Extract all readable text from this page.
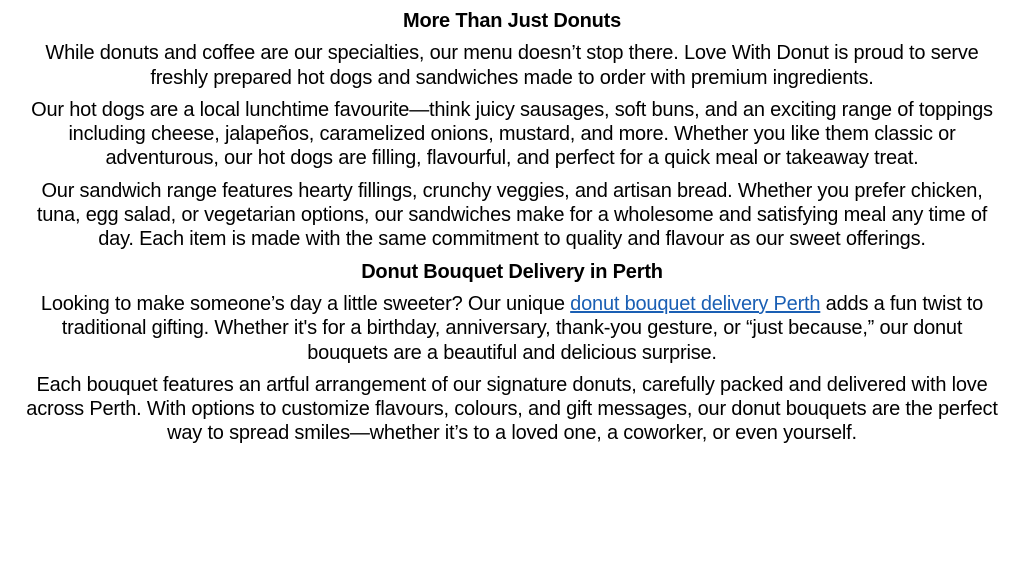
More Than Just Donuts
While donuts and coffee are our specialties, our menu doesn’t stop there. Love With Donut is proud to serve freshly prepared hot dogs and sandwiches made to order with premium ingredients.
Our hot dogs are a local lunchtime favourite—think juicy sausages, soft buns, and an exciting range of toppings including cheese, jalapeños, caramelized onions, mustard, and more. Whether you like them classic or adventurous, our hot dogs are filling, flavourful, and perfect for a quick meal or takeaway treat.
Our sandwich range features hearty fillings, crunchy veggies, and artisan bread. Whether you prefer chicken, tuna, egg salad, or vegetarian options, our sandwiches make for a wholesome and satisfying meal any time of day. Each item is made with the same commitment to quality and flavour as our sweet offerings.
Donut Bouquet Delivery in Perth
Looking to make someone’s day a little sweeter? Our unique donut bouquet delivery Perth adds a fun twist to traditional gifting. Whether it's for a birthday, anniversary, thank-you gesture, or “just because,” our donut bouquets are a beautiful and delicious surprise.
Each bouquet features an artful arrangement of our signature donuts, carefully packed and delivered with love across Perth. With options to customize flavours, colours, and gift messages, our donut bouquets are the perfect way to spread smiles—whether it’s to a loved one, a coworker, or even yourself.
